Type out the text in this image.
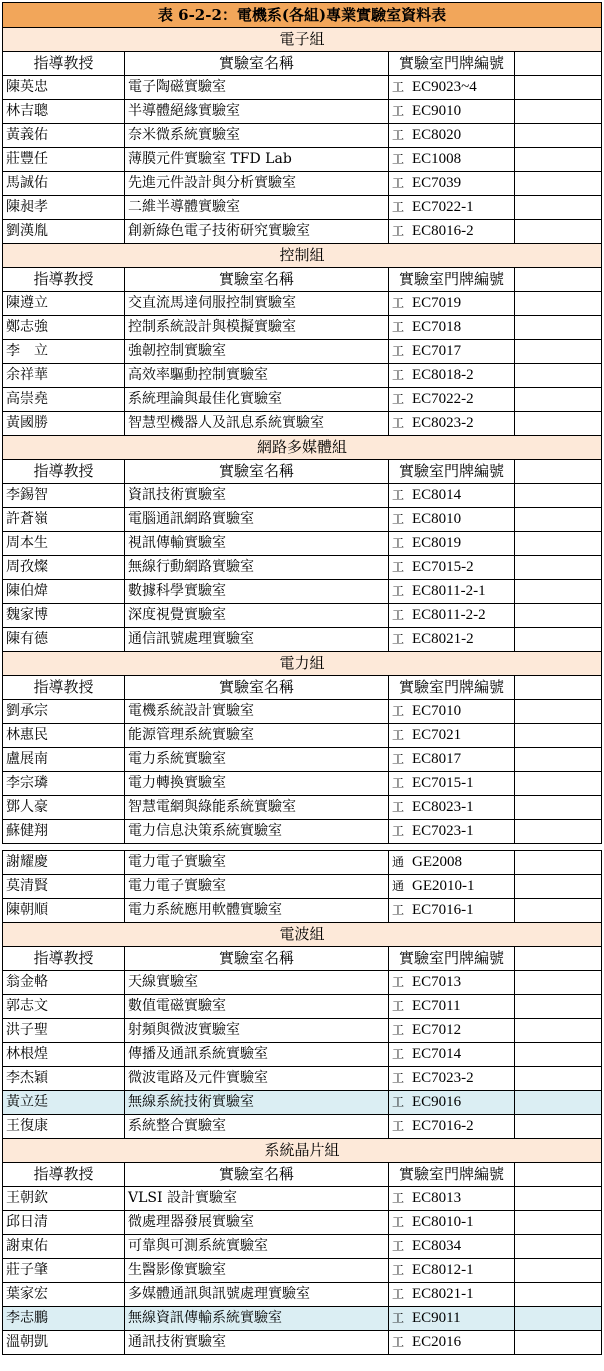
表 6-2-2：電機系(各組)專業實驗室資料表			
電子組			
指導教授	實驗室名稱	實驗室門牌編號	
陳英忠	電子陶磁實驗室	工 EC9023~4	
林吉聰	半導體絕緣實驗室	工 EC9010	
黃義佑	奈米微系統實驗室	工 EC8020	
莊豐任	薄膜元件實驗室 TFD Lab	工 EC1008	
馬誠佑	先進元件設計與分析實驗室	工 EC7039	
陳昶孝	二維半導體實驗室	工 EC7022-1	
劉漢胤	創新綠色電子技術研究實驗室	工 EC8016-2	
控制組			
指導教授	實驗室名稱	實驗室門牌編號	
陳遵立	交直流馬達伺服控制實驗室	工 EC7019	
鄭志強	控制系統設計與模擬實驗室	工 EC7018	
李　立	強韌控制實驗室	工 EC7017	
余祥華	高效率驅動控制實驗室	工 EC8018-2	
高崇堯	系統理論與最佳化實驗室	工 EC7022-2	
黃國勝	智慧型機器人及訊息系統實驗室	工 EC8023-2	
網路多媒體組			
指導教授	實驗室名稱	實驗室門牌編號	
李錫智	資訊技術實驗室	工 EC8014	
許蒼嶺	電腦通訊網路實驗室	工 EC8010	
周本生	視訊傳輸實驗室	工 EC8019	
周孜燦	無線行動網路實驗室	工 EC7015-2	
陳伯煒	數據科學實驗室	工 EC8011-2-1	
魏家博	深度視覺實驗室	工 EC8011-2-2	
陳有德	通信訊號處理實驗室	工 EC8021-2	
電力組			
指導教授	實驗室名稱	實驗室門牌編號	
劉承宗	電機系統設計實驗室	工 EC7010	
林惠民	能源管理系統實驗室	工 EC7021	
盧展南	電力系統實驗室	工 EC8017	
李宗璘	電力轉換實驗室	工 EC7015-1	
鄧人豪	智慧電網與綠能系統實驗室	工 EC8023-1	
蘇健翔	電力信息決策系統實驗室	工 EC7023-1	

謝耀慶	電力電子實驗室	通 GE2008	
莫清賢	電力電子實驗室	通 GE2010-1	
陳朝順	電力系統應用軟體實驗室	工 EC7016-1	
電波組			
指導教授	實驗室名稱	實驗室門牌編號	
翁金輅	天線實驗室	工 EC7013	
郭志文	數值電磁實驗室	工 EC7011	
洪子聖	射頻與微波實驗室	工 EC7012	
林根煌	傳播及通訊系統實驗室	工 EC7014	
李杰穎	微波電路及元件實驗室	工 EC7023-2	
黃立廷	無線系統技術實驗室	工 EC9016	
王復康	系統整合實驗室	工 EC7016-2	
系統晶片組			
指導教授	實驗室名稱	實驗室門牌編號	
王朝欽	VLSI 設計實驗室	工 EC8013	
邱日清	微處理器發展實驗室	工 EC8010-1	
謝東佑	可靠與可測系統實驗室	工 EC8034	
莊子肇	生醫影像實驗室	工 EC8012-1	
葉家宏	多媒體通訊與訊號處理實驗室	工 EC8021-1	
李志鵬	無線資訊傳輸系統實驗室	工 EC9011	
溫朝凱	通訊技術實驗室	工 EC2016	
